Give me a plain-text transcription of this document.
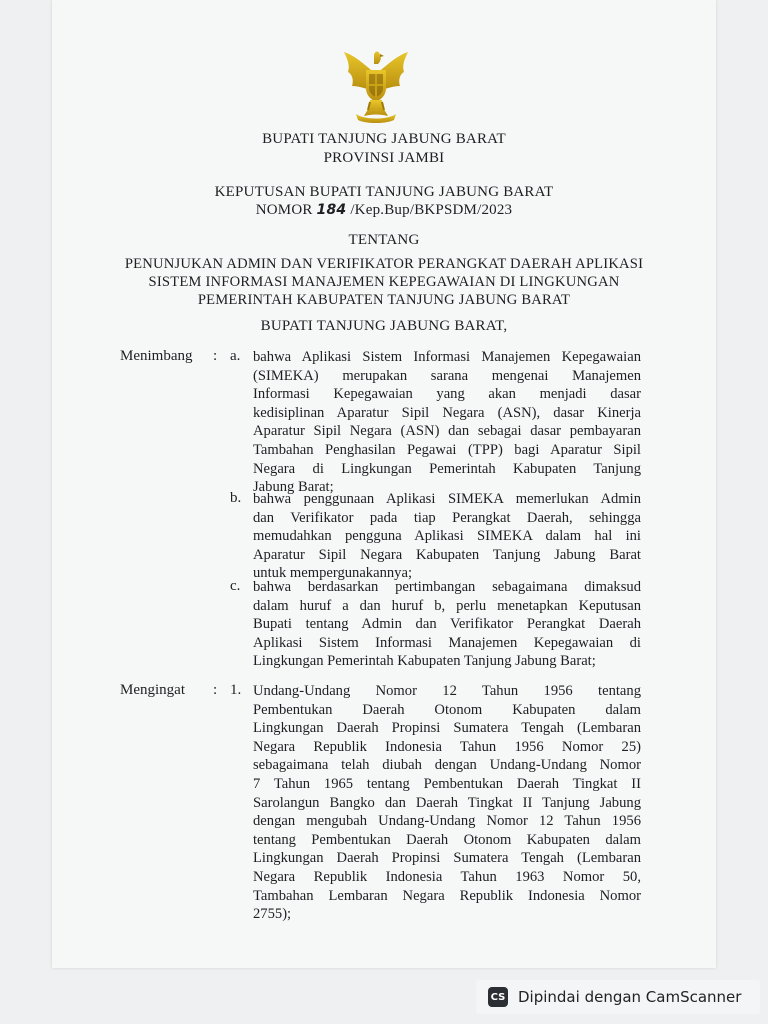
BUPATI TANJUNG JABUNG BARAT
PROVINSI JAMBI
KEPUTUSAN BUPATI TANJUNG JABUNG BARAT
NOMOR 184 /Kep.Bup/BKPSDM/2023
TENTANG
PENUNJUKAN ADMIN DAN VERIFIKATOR PERANGKAT DAERAH APLIKASI
SISTEM INFORMASI MANAJEMEN KEPEGAWAIAN DI LINGKUNGAN
PEMERINTAH KABUPATEN TANJUNG JABUNG BARAT
BUPATI TANJUNG JABUNG BARAT,
Menimbang : a. bahwa Aplikasi Sistem Informasi Manajemen Kepegawaian
(SIMEKA) merupakan sarana mengenai Manajemen
Informasi Kepegawaian yang akan menjadi dasar
kedisiplinan Aparatur Sipil Negara (ASN), dasar Kinerja
Aparatur Sipil Negara (ASN) dan sebagai dasar pembayaran
Tambahan Penghasilan Pegawai (TPP) bagi Aparatur Sipil
Negara di Lingkungan Pemerintah Kabupaten Tanjung
Jabung Barat;
b. bahwa penggunaan Aplikasi SIMEKA memerlukan Admin
dan Verifikator pada tiap Perangkat Daerah, sehingga
memudahkan pengguna Aplikasi SIMEKA dalam hal ini
Aparatur Sipil Negara Kabupaten Tanjung Jabung Barat
untuk mempergunakannya;
c. bahwa berdasarkan pertimbangan sebagaimana dimaksud
dalam huruf a dan huruf b, perlu menetapkan Keputusan
Bupati tentang Admin dan Verifikator Perangkat Daerah
Aplikasi Sistem Informasi Manajemen Kepegawaian di
Lingkungan Pemerintah Kabupaten Tanjung Jabung Barat;
Mengingat : 1. Undang-Undang Nomor 12 Tahun 1956 tentang
Pembentukan Daerah Otonom Kabupaten dalam
Lingkungan Daerah Propinsi Sumatera Tengah (Lembaran
Negara Republik Indonesia Tahun 1956 Nomor 25)
sebagaimana telah diubah dengan Undang-Undang Nomor
7 Tahun 1965 tentang Pembentukan Daerah Tingkat II
Sarolangun Bangko dan Daerah Tingkat II Tanjung Jabung
dengan mengubah Undang-Undang Nomor 12 Tahun 1956
tentang Pembentukan Daerah Otonom Kabupaten dalam
Lingkungan Daerah Propinsi Sumatera Tengah (Lembaran
Negara Republik Indonesia Tahun 1963 Nomor 50,
Tambahan Lembaran Negara Republik Indonesia Nomor
2755);
CS Dipindai dengan CamScanner
